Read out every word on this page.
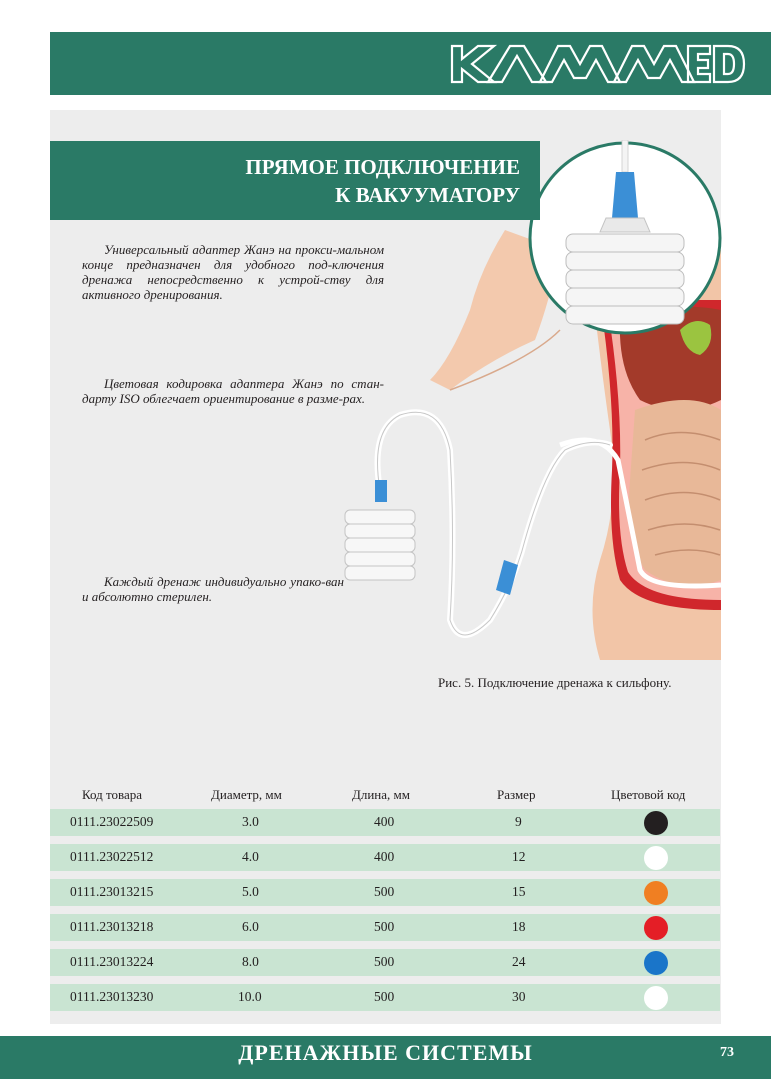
ПРЯМОЕ ПОДКЛЮЧЕНИЕ
К ВАКУУМАТОРУ

Универсальный адаптер Жанэ на прокси-мальном конце предназначен для удобного под-ключения дренажа непосредственно к устрой-ству для активного дренирования.

Цветовая кодировка адаптера Жанэ по стан-дарту ISO облегчает ориентирование в разме-рах.

Каждый дренаж индивидуально упако-ван и абсолютно стерилен.

Рис. 5. Подключение дренажа к сильфону.
Код товара	Диаметр, мм	Длина, мм	Размер	Цветовой код
0111.23022509	3.0	400	9
0111.23022512	4.0	400	12
0111.23013215	5.0	500	15
0111.23013218	6.0	500	18
0111.23013224	8.0	500	24
0111.23013230	10.0	500	30
ДРЕНАЖНЫЕ СИСТЕМЫ	73
